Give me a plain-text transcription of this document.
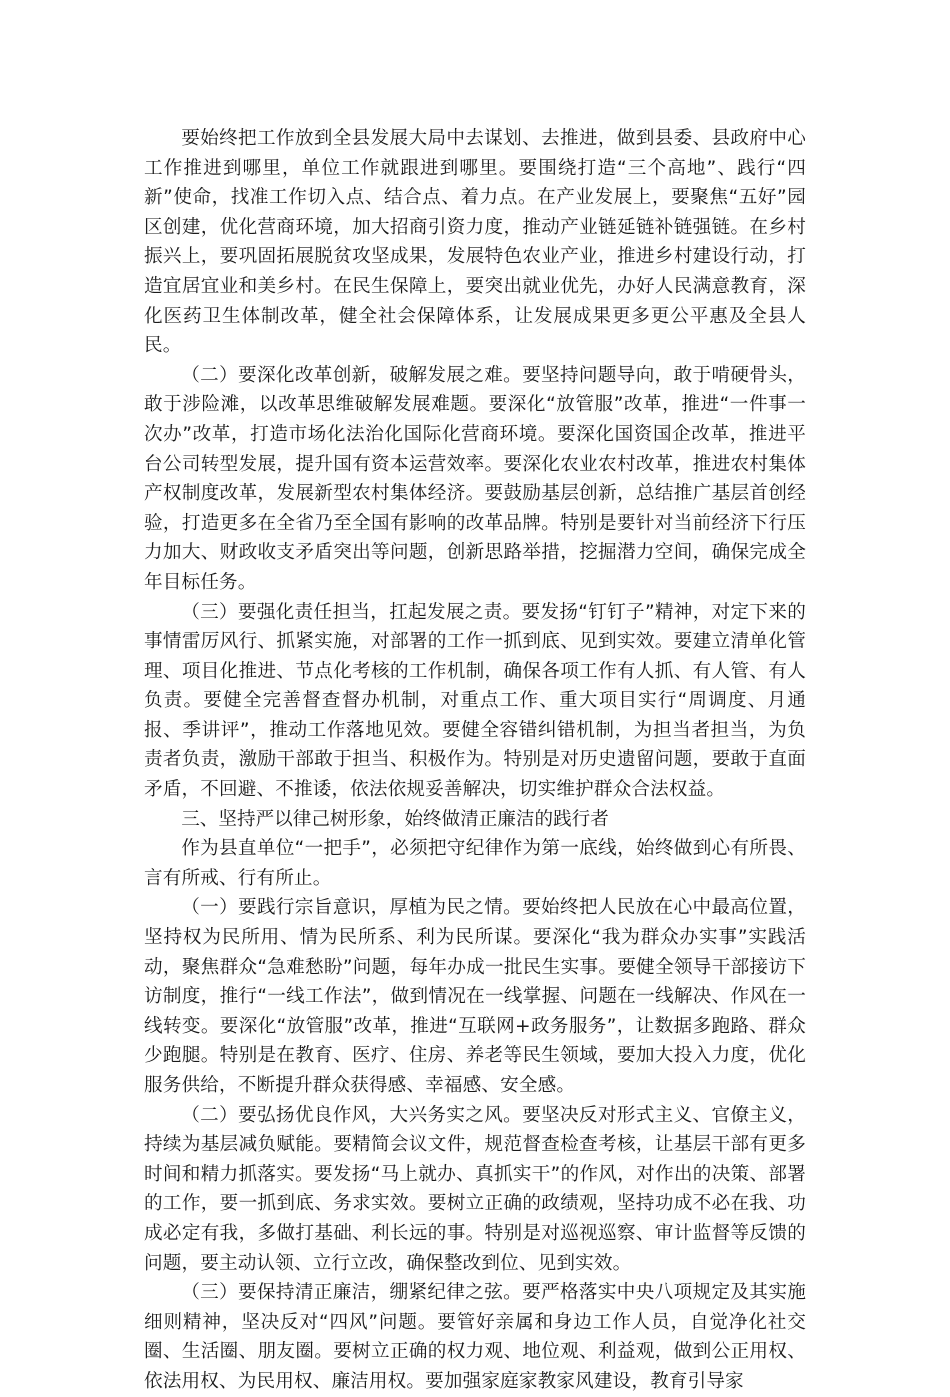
要始终把工作放到全县发展大局中去谋划、去推进，做到县委、县政府中心工作推进到哪里，单位工作就跟进到哪里。要围绕打造“三个高地”、践行“四新”使命，找准工作切入点、结合点、着力点。在产业发展上，要聚焦“五好”园区创建，优化营商环境，加大招商引资力度，推动产业链延链补链强链。在乡村振兴上，要巩固拓展脱贫攻坚成果，发展特色农业产业，推进乡村建设行动，打造宜居宜业和美乡村。在民生保障上，要突出就业优先，办好人民满意教育，深化医药卫生体制改革，健全社会保障体系，让发展成果更多更公平惠及全县人民。

（二）要深化改革创新，破解发展之难。要坚持问题导向，敢于啃硬骨头，敢于涉险滩，以改革思维破解发展难题。要深化“放管服”改革，推进“一件事一次办”改革，打造市场化法治化国际化营商环境。要深化国资国企改革，推进平台公司转型发展，提升国有资本运营效率。要深化农业农村改革，推进农村集体产权制度改革，发展新型农村集体经济。要鼓励基层创新，总结推广基层首创经验，打造更多在全省乃至全国有影响的改革品牌。特别是要针对当前经济下行压力加大、财政收支矛盾突出等问题，创新思路举措，挖掘潜力空间，确保完成全年目标任务。

（三）要强化责任担当，扛起发展之责。要发扬“钉钉子”精神，对定下来的事情雷厉风行、抓紧实施，对部署的工作一抓到底、见到实效。要建立清单化管理、项目化推进、节点化考核的工作机制，确保各项工作有人抓、有人管、有人负责。要健全完善督查督办机制，对重点工作、重大项目实行“周调度、月通报、季讲评”，推动工作落地见效。要健全容错纠错机制，为担当者担当，为负责者负责，激励干部敢于担当、积极作为。特别是对历史遗留问题，要敢于直面矛盾，不回避、不推诿，依法依规妥善解决，切实维护群众合法权益。

三、坚持严以律己树形象，始终做清正廉洁的践行者

作为县直单位“一把手”，必须把守纪律作为第一底线，始终做到心有所畏、言有所戒、行有所止。

（一）要践行宗旨意识，厚植为民之情。要始终把人民放在心中最高位置，坚持权为民所用、情为民所系、利为民所谋。要深化“我为群众办实事”实践活动，聚焦群众“急难愁盼”问题，每年办成一批民生实事。要健全领导干部接访下访制度，推行“一线工作法”，做到情况在一线掌握、问题在一线解决、作风在一线转变。要深化“放管服”改革，推进“互联网+政务服务”，让数据多跑路、群众少跑腿。特别是在教育、医疗、住房、养老等民生领域，要加大投入力度，优化服务供给，不断提升群众获得感、幸福感、安全感。

（二）要弘扬优良作风，大兴务实之风。要坚决反对形式主义、官僚主义，持续为基层减负赋能。要精简会议文件，规范督查检查考核，让基层干部有更多时间和精力抓落实。要发扬“马上就办、真抓实干”的作风，对作出的决策、部署的工作，要一抓到底、务求实效。要树立正确的政绩观，坚持功成不必在我、功成必定有我，多做打基础、利长远的事。特别是对巡视巡察、审计监督等反馈的问题，要主动认领、立行立改，确保整改到位、见到实效。

（三）要保持清正廉洁，绷紧纪律之弦。要严格落实中央八项规定及其实施细则精神，坚决反对“四风”问题。要管好亲属和身边工作人员，自觉净化社交圈、生活圈、朋友圈。要树立正确的权力观、地位观、利益观，做到公正用权、依法用权、为民用权、廉洁用权。要加强家庭家教家风建设，教育引导家
